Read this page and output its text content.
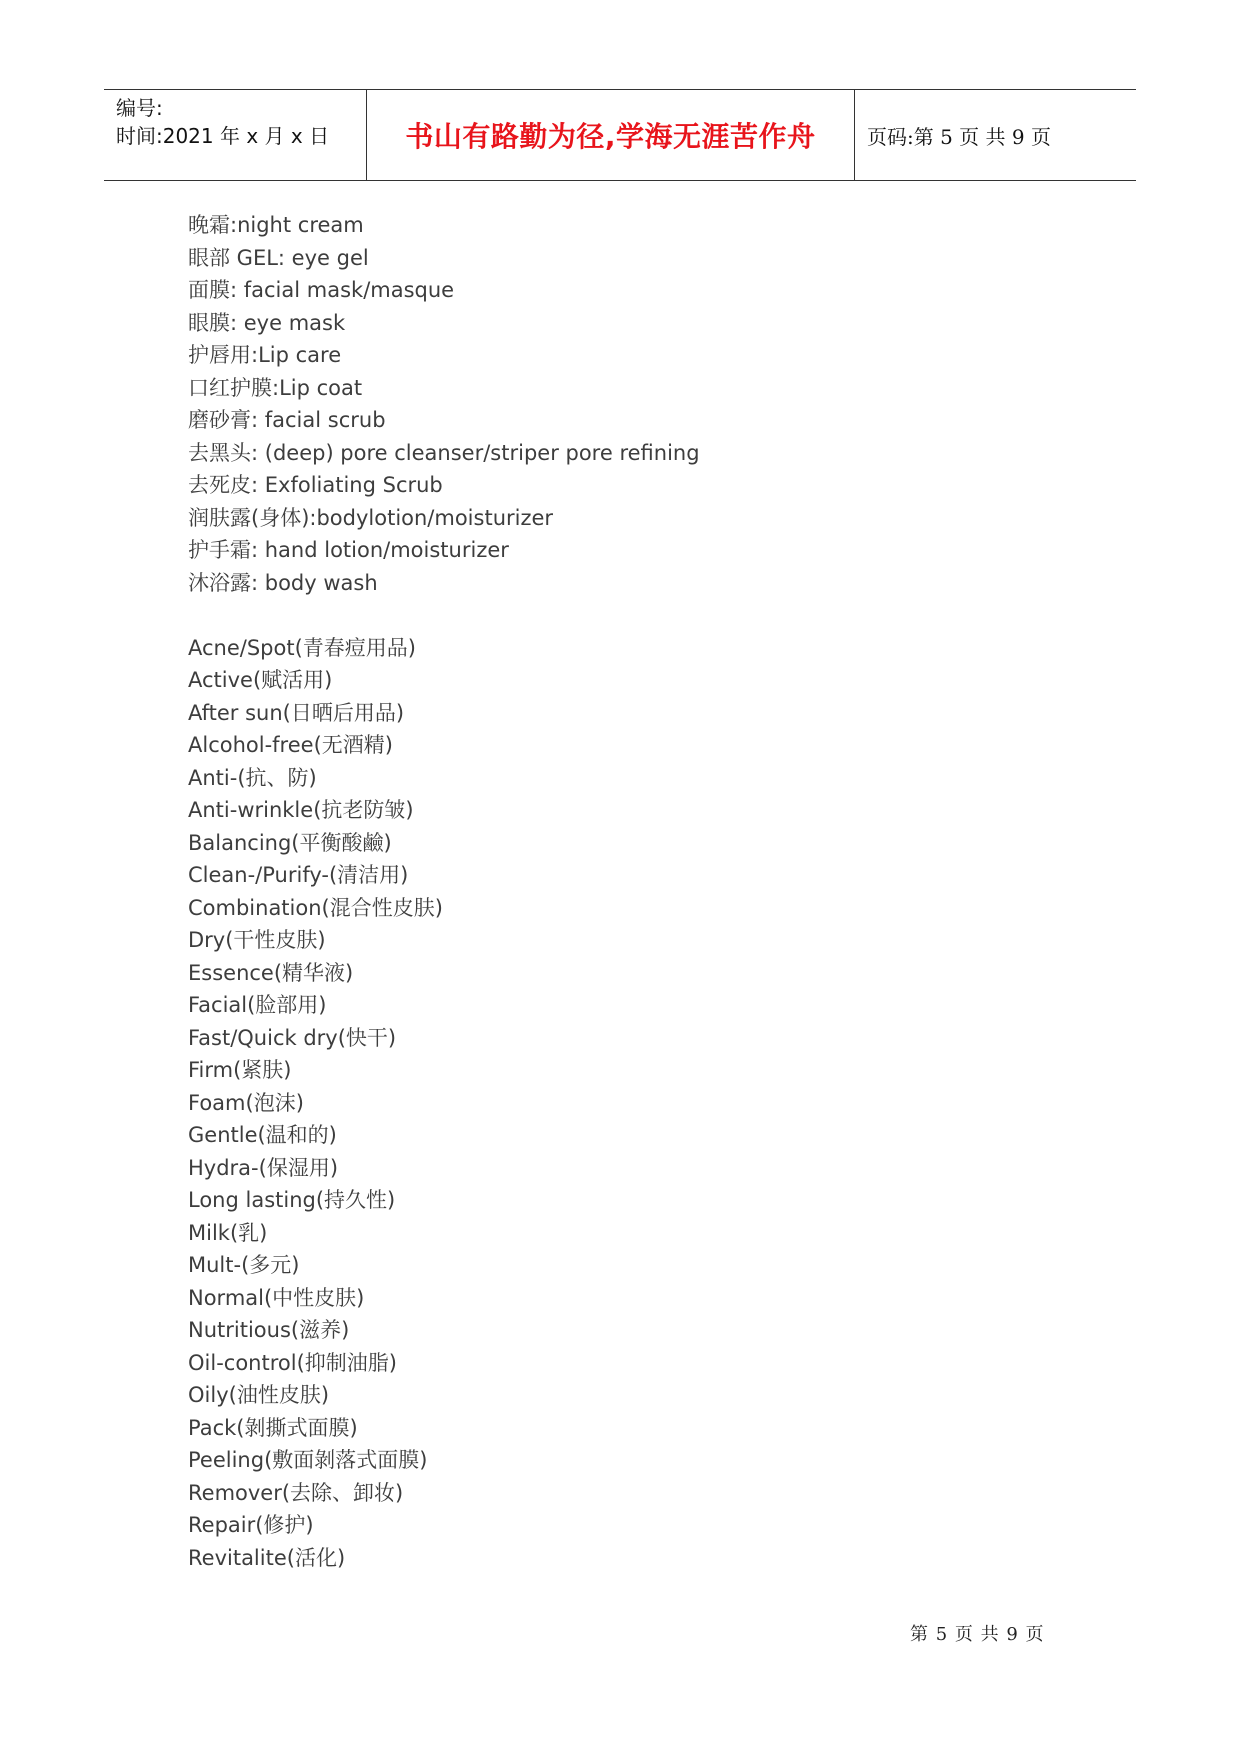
编号:
时间:2021 年 x 月 x 日	书山有路勤为径,学海无涯苦作舟	页码:第 5 页 共 9 页
晚霜:night cream
眼部 GEL: eye gel
面膜: facial mask/masque
眼膜: eye mask
护唇用:Lip care
口红护膜:Lip coat
磨砂膏: facial scrub
去黑头: (deep) pore cleanser/striper pore refining
去死皮: Exfoliating Scrub
润肤露(身体):bodylotion/moisturizer
护手霜: hand lotion/moisturizer
沐浴露: body wash
Acne/Spot(青春痘用品)
Active(赋活用)
After sun(日晒后用品)
Alcohol-free(无酒精)
Anti-(抗、防)
Anti-wrinkle(抗老防皱)
Balancing(平衡酸鹼)
Clean-/Purify-(清洁用)
Combination(混合性皮肤)
Dry(干性皮肤)
Essence(精华液)
Facial(脸部用)
Fast/Quick dry(快干)
Firm(紧肤)
Foam(泡沫)
Gentle(温和的)
Hydra-(保湿用)
Long lasting(持久性)
Milk(乳)
Mult-(多元)
Normal(中性皮肤)
Nutritious(滋养)
Oil-control(抑制油脂)
Oily(油性皮肤)
Pack(剝撕式面膜)
Peeling(敷面剝落式面膜)
Remover(去除、卸妆)
Repair(修护)
Revitalite(活化)
第 5 页 共 9 页
